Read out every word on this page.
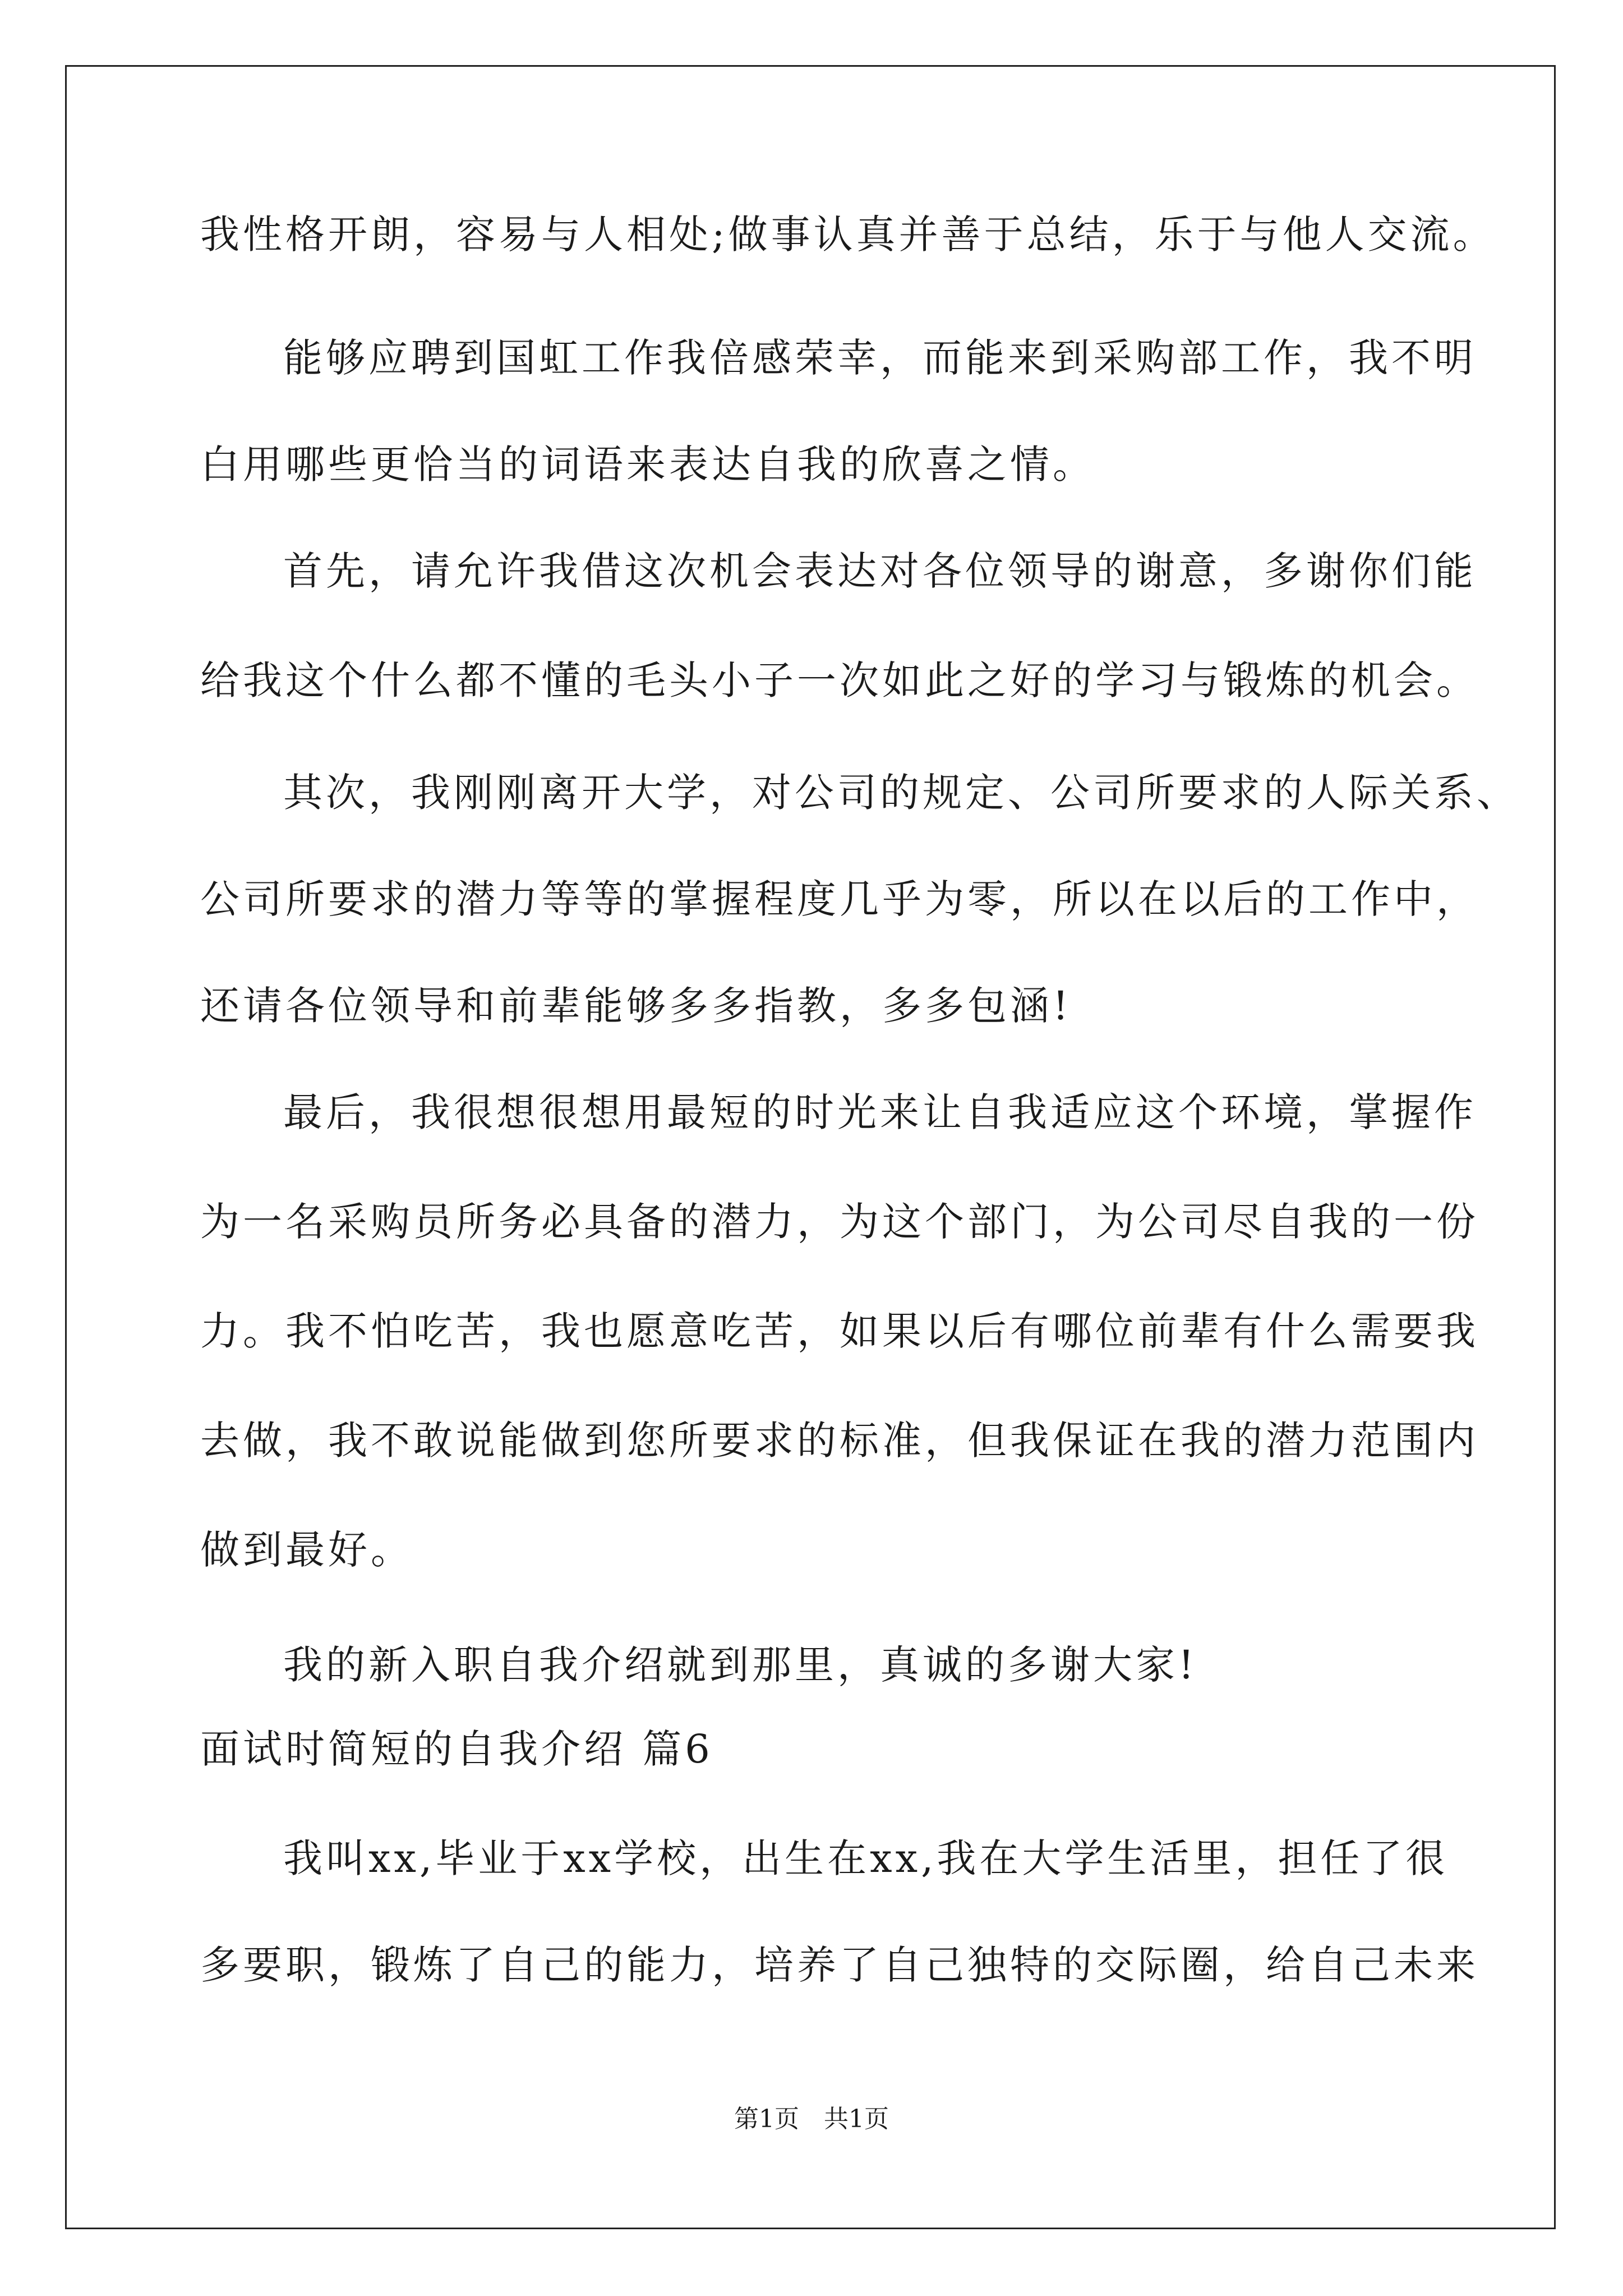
我性格开朗，容易与人相处;做事认真并善于总结，乐于与他人交流。
能够应聘到国虹工作我倍感荣幸，而能来到采购部工作，我不明
白用哪些更恰当的词语来表达自我的欣喜之情。
首先，请允许我借这次机会表达对各位领导的谢意，多谢你们能
给我这个什么都不懂的毛头小子一次如此之好的学习与锻炼的机会。
其次，我刚刚离开大学，对公司的规定、公司所要求的人际关系、
公司所要求的潜力等等的掌握程度几乎为零，所以在以后的工作中，
还请各位领导和前辈能够多多指教，多多包涵!
最后，我很想很想用最短的时光来让自我适应这个环境，掌握作
为一名采购员所务必具备的潜力，为这个部门，为公司尽自我的一份
力。我不怕吃苦，我也愿意吃苦，如果以后有哪位前辈有什么需要我
去做，我不敢说能做到您所要求的标准，但我保证在我的潜力范围内
做到最好。
我的新入职自我介绍就到那里，真诚的多谢大家!
面试时简短的自我介绍 篇6
我叫xx,毕业于xx学校，出生在xx,我在大学生活里，担任了很
多要职，锻炼了自己的能力，培养了自己独特的交际圈，给自己未来
第1页 共1页
